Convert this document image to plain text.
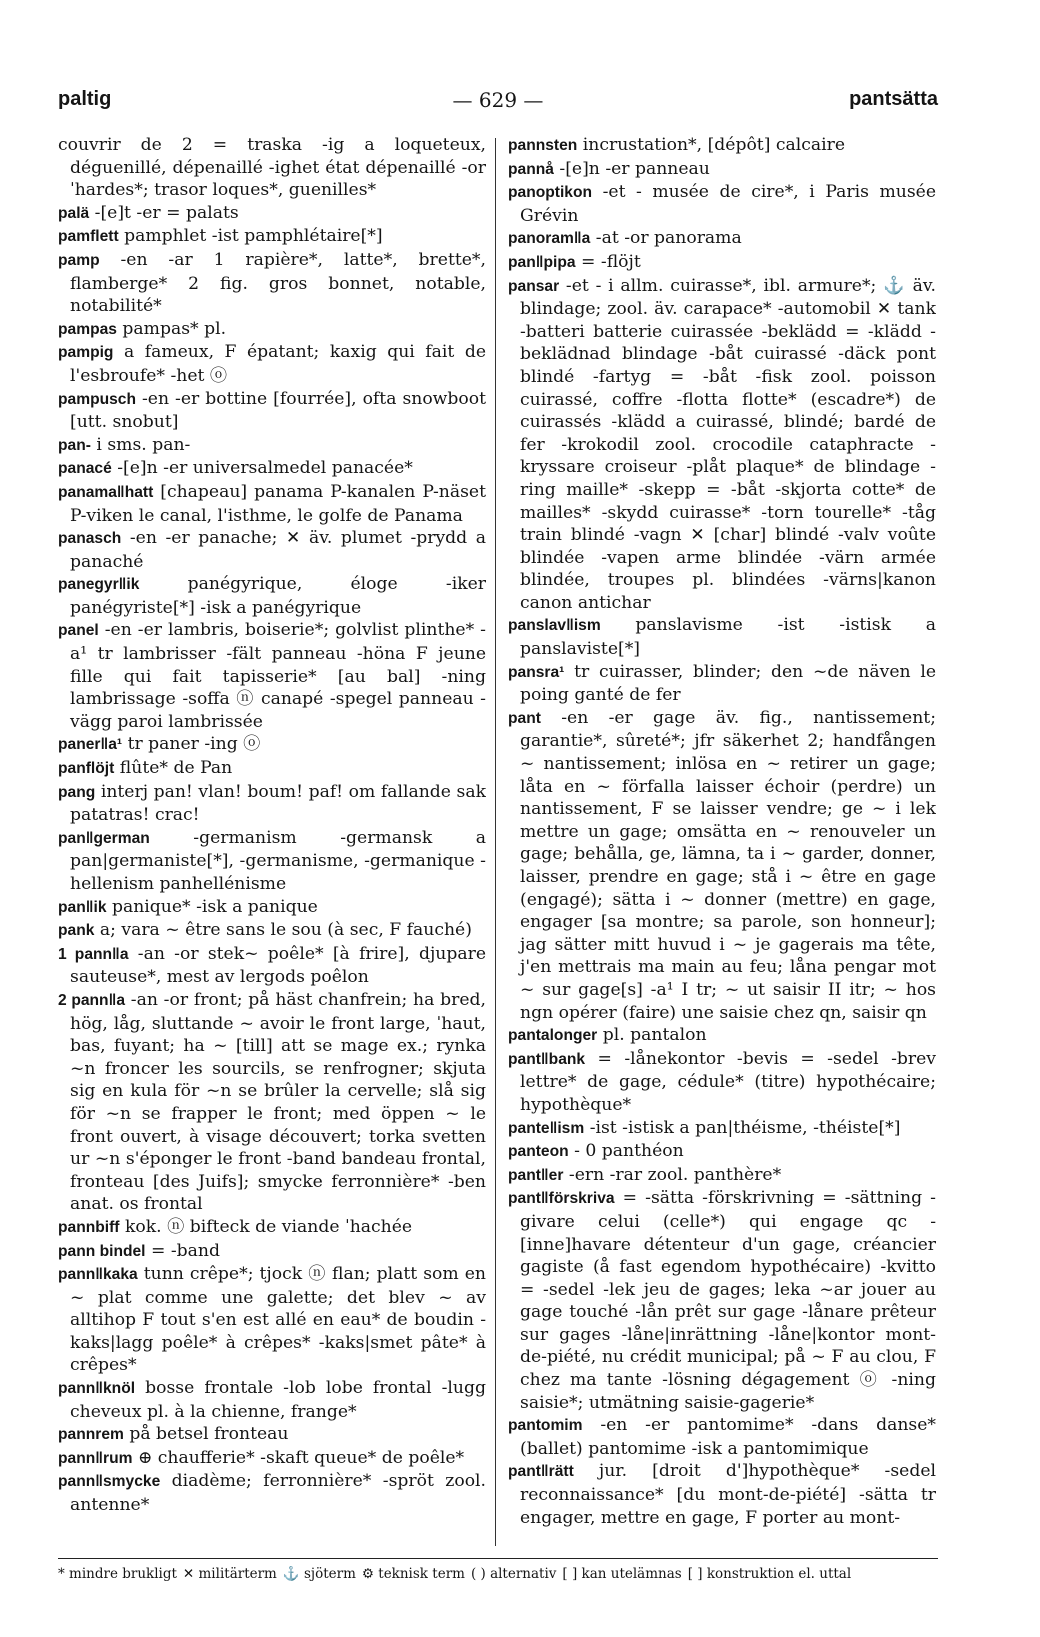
paltig	— 629 —	pantsätta

couvrir de 2 = traska -ig a loqueteux, déguenillé, dépenaillé -ighet état dépenaillé -or ˈhardes*; trasor loques*, guenilles*

palä -[e]t -er = palats

pamflett pamphlet -ist pamphlétaire[*]

pamp -en -ar 1 rapière*, latte*, brette*, flamberge* 2 fig. gros bonnet, notable, notabilité*

pampas pampas* pl.

pampig a fameux, F épatant; kaxig qui fait de l'esbroufe* -het ⓞ

pampusch -en -er bottine [fourrée], ofta snowboot [utt. snobut]

pan- i sms. pan-

panacé -[e]n -er universalmedel panacée*

panama‖hatt [chapeau] panama P-kanalen P-näset P-viken le canal, l'isthme, le golfe de Panama

panasch -en -er panache; ✕ äv. plumet -prydd a panaché

panegyr‖ik	panégyrique, éloge -iker panégyriste[*] -isk a panégyrique

panel -en -er lambris, boiserie*; golvlist plinthe* -a¹ tr lambrisser -fält panneau -höna F jeune fille qui fait tapisserie* [au bal] -ning lambrissage -soffa ⓝ canapé -spegel panneau -vägg paroi lambrissée

paner‖a¹ tr paner -ing ⓞ

panflöjt flûte* de Pan

pang interj pan! vlan! boum! paf! om fallande sak patatras! crac!

pan‖german	-germanism -germansk a pan|germaniste[*], -germanisme, -germanique -hellenism panhellénisme

pan‖ik panique* -isk a panique

pank a; vara ~ être sans le sou (à sec, F fauché)

1 pann‖a -an -or stek~ poêle* [à frire], djupare sauteuse*, mest av lergods poêlon

2 pann‖a -an -or front; på häst chanfrein; ha bred, hög, låg, sluttande ~ avoir le front large, ˈhaut, bas, fuyant; ha ~ [till] att se mage ex.; rynka ~n froncer les sourcils, se renfrogner; skjuta sig en kula för ~n se brûler la cervelle; slå sig för ~n se frapper le front; med öppen ~ le front ouvert, à visage découvert; torka svetten ur ~n s'éponger le front -band bandeau frontal, fronteau [des Juifs]; smycke ferronnière* -ben anat. os frontal

pannbiff kok. ⓝ bifteck de viande ˈhachée

pann bindel = -band

pann‖kaka tunn crêpe*; tjock ⓝ flan; platt som en ~ plat comme une galette; det blev ~ av alltihop F tout s'en est allé en eau* de boudin -kaks|lagg poêle* à crêpes* -kaks|smet pâte* à crêpes*

pann‖knöl bosse frontale -lob lobe frontal -lugg cheveux pl. à la chienne, frange*

pannrem på betsel fronteau

pann‖rum ⊕ chaufferie* -skaft queue* de poêle*

pann‖smycke diadème; ferronnière* -spröt zool. antenne*

pannsten incrustation*, [dépôt] calcaire

pannå -[e]n -er panneau

panoptikon -et - musée de cire*, i Paris musée Grévin

panoram‖a -at -or panorama

pan‖pipa = -flöjt

pansar -et - i allm. cuirasse*, ibl. armure*; ⚓ äv. blindage; zool. äv. carapace* -automobil ✕ tank -batteri batterie cuirassée -beklädd = -klädd -beklädnad blindage -båt cuirassé -däck pont blindé -fartyg = -båt -fisk zool. poisson cuirassé, coffre -flotta flotte* (escadre*) de cuirassés -klädd a cuirassé, blindé; bardé de fer -krokodil zool. crocodile cataphracte -kryssare croiseur -plåt plaque* de blindage -ring maille* -skepp = -båt -skjorta cotte* de mailles* -skydd cuirasse* -torn tourelle* -tåg train blindé -vagn ✕ [char] blindé -valv voûte blindée -vapen arme blindée -värn armée blindée, troupes pl. blindées -värns|kanon canon antichar

panslav‖ism panslavisme -ist -istisk a panslaviste[*]

pansra¹ tr cuirasser, blinder; den ~de näven le poing ganté de fer

pant -en -er gage äv. fig., nantissement; garantie*, sûreté*; jfr säkerhet 2; handfången ~ nantissement; inlösa en ~ retirer un gage; låta en ~ förfalla laisser échoir (perdre) un nantissement, F se laisser vendre; ge ~ i lek mettre un gage; omsätta en ~ renouveler un gage; behålla, ge, lämna, ta i ~ garder, donner, laisser, prendre en gage; stå i ~ être en gage (engagé); sätta i ~ donner (mettre) en gage, engager [sa montre; sa parole, son honneur]; jag sätter mitt huvud i ~ je gagerais ma tête, j'en mettrais ma main au feu; låna pengar mot ~ sur gage[s] -a¹ I tr; ~ ut saisir II itr; ~ hos ngn opérer (faire) une saisie chez qn, saisir qn

pantalonger pl. pantalon

pant‖bank = -lånekontor -bevis = -sedel -brev lettre* de gage, cédule* (titre) hypothécaire; hypothèque*

pante‖ism -ist -istisk a pan|théisme, -théiste[*]

panteon - 0 panthéon

pant‖er -ern -rar zool. panthère*

pant‖förskriva = -sätta -förskrivning = -sättning -givare celui (celle*) qui engage qc -[inne]havare détenteur d'un gage, créancier gagiste (å fast egendom hypothécaire) -kvitto = -sedel -lek jeu de gages; leka ~ar jouer au gage touché -lån prêt sur gage -lånare prêteur sur gages -låne|inrättning -låne|kontor mont-de-piété, nu crédit municipal; på ~ F au clou, F chez ma tante -lösning dégagement ⓞ -ning saisie*; utmätning saisie-gagerie*

pantomim -en -er pantomime* -dans danse* (ballet) pantomime -isk a pantomimique

pant‖rätt jur. [droit d']hypothèque* -sedel reconnaissance* [du mont-de-piété] -sätta tr engager, mettre en gage, F porter au mont-

* mindre brukligt ✕ militärterm ⚓ sjöterm ⚙ teknisk term ( ) alternativ [ ] kan utelämnas [ ] konstruktion el. uttal
